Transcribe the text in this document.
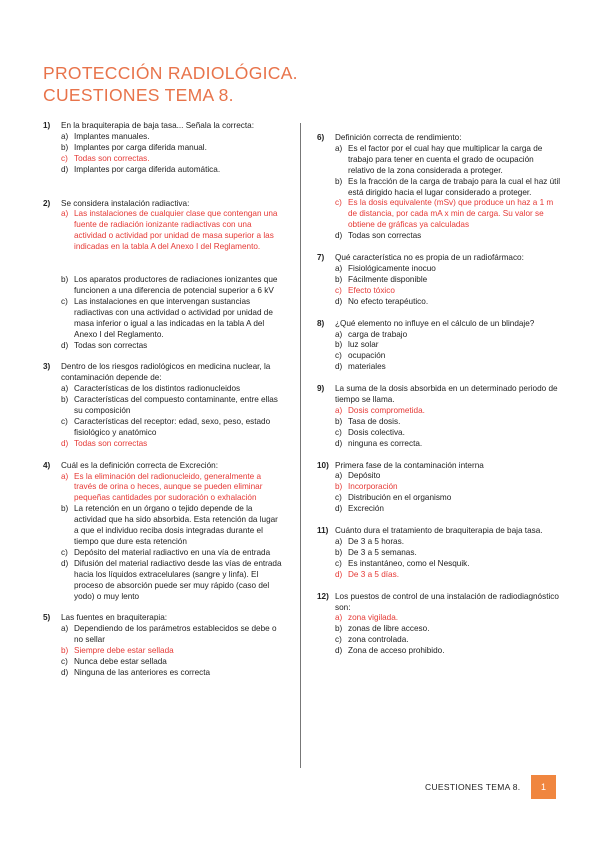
PROTECCIÓN RADIOLÓGICA.
CUESTIONES TEMA 8.
1) En la braquiterapia de baja tasa... Señala la correcta:
a) Implantes manuales.
b) Implantes por carga diferida manual.
c) Todas son correctas.
d) Implantes por carga diferida automática.
2) Se considera instalación radiactiva:
a) Las instalaciones de cualquier clase que contengan una fuente de radiación ionizante radiactivas con una actividad o actividad por unidad de masa superior a las indicadas en la tabla A del Anexo I del Reglamento.
b) Los aparatos productores de radiaciones ionizantes que funcionen a una diferencia de potencial superior a 6 kV
c) Las instalaciones en que intervengan sustancias radiactivas con una actividad o actividad por unidad de masa inferior o igual a las indicadas en la tabla A del Anexo I del Reglamento.
d) Todas son correctas
3) Dentro de los riesgos radiológicos en medicina nuclear, la contaminación depende de:
a) Características de los distintos radionucleidos
b) Características del compuesto contaminante, entre ellas su composición
c) Características del receptor: edad, sexo, peso, estado fisiológico y anatómico
d) Todas son correctas
4) Cuál es la definición correcta de Excreción:
a) Es la eliminación del radionucleido, generalmente a través de orina o heces, aunque se pueden eliminar pequeñas cantidades por sudoración o exhalación
b) La retención en un órgano o tejido depende de la actividad que ha sido absorbida. Esta retención da lugar a que el individuo reciba dosis integradas durante el tiempo que dure esta retención
c) Depósito del material radiactivo en una vía de entrada
d) Difusión del material radiactivo desde las vías de entrada hacia los líquidos extracelulares (sangre y linfa). El proceso de absorción puede ser muy rápido (caso del yodo) o muy lento
5) Las fuentes en braquiterapia:
a) Dependiendo de los parámetros establecidos se debe o no sellar
b) Siempre debe estar sellada
c) Nunca debe estar sellada
d) Ninguna de las anteriores es correcta
6) Definición correcta de rendimiento:
a) Es el factor por el cual hay que multiplicar la carga de trabajo para tener en cuenta el grado de ocupación relativo de la zona considerada a proteger.
b) Es la fracción de la carga de trabajo para la cual el haz útil está dirigido hacia el lugar considerado a proteger.
c) Es la dosis equivalente (mSv) que produce un haz a 1 m de distancia, por cada mA x min de carga. Su valor se obtiene de gráficas ya calculadas
d) Todas son correctas
7) Qué característica no es propia de un radiofármaco:
a) Fisiológicamente inocuo
b) Fácilmente disponible
c) Efecto tóxico
d) No efecto terapéutico.
8) ¿Qué elemento no influye en el cálculo de un blindaje?
a) carga de trabajo
b) luz solar
c) ocupación
d) materiales
9) La suma de la dosis absorbida en un determinado periodo de tiempo se llama.
a) Dosis comprometida.
b) Tasa de dosis.
c) Dosis colectiva.
d) ninguna es correcta.
10) Primera fase de la contaminación interna
a) Depósito
b) Incorporación
c) Distribución en el organismo
d) Excreción
11) Cuánto dura el tratamiento de braquiterapia de baja tasa.
a) De 3 a 5 horas.
b) De 3 a 5 semanas.
c) Es instantáneo, como el Nesquik.
d) De 3 a 5 días.
12) Los puestos de control de una instalación de radiodiagnóstico son:
a) zona vigilada.
b) zonas de libre acceso.
c) zona controlada.
d) Zona de acceso prohibido.
CUESTIONES TEMA 8.	1
